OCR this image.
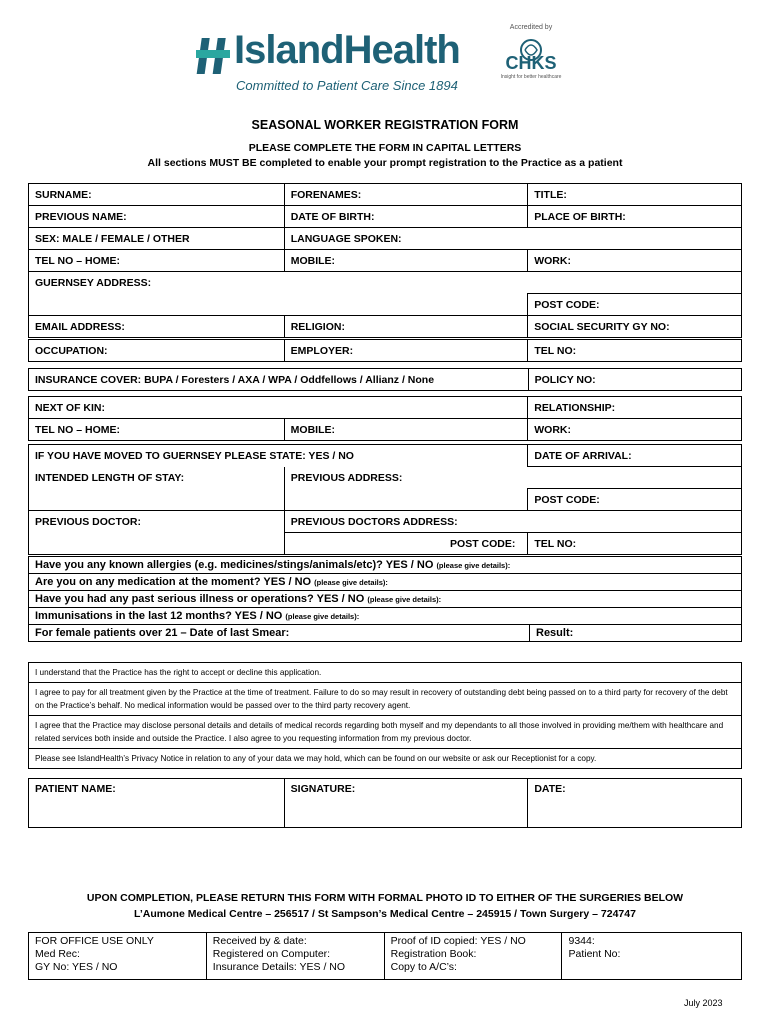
IslandHealth
Committed to Patient Care Since 1894
Accredited by
CHKS
Insight for better healthcare
SEASONAL WORKER REGISTRATION FORM
PLEASE COMPLETE THE FORM IN CAPITAL LETTERS
All sections MUST BE completed to enable your prompt registration to the Practice as a patient
SURNAME:	FORENAMES:	TITLE:
PREVIOUS NAME:	DATE OF BIRTH:	PLACE OF BIRTH:
SEX: MALE / FEMALE / OTHER	LANGUAGE SPOKEN:	
TEL NO – HOME:	MOBILE:	WORK:
GUERNSEY ADDRESS:		
		POST CODE:
EMAIL ADDRESS:	RELIGION:	SOCIAL SECURITY GY NO:
OCCUPATION:	EMPLOYER:	TEL NO:
INSURANCE COVER: BUPA / Foresters / AXA / WPA / Oddfellows / Allianz / None	POLICY NO:
NEXT OF KIN:		RELATIONSHIP:
TEL NO – HOME:	MOBILE:	WORK:
IF YOU HAVE MOVED TO GUERNSEY PLEASE STATE: YES / NO		DATE OF ARRIVAL:
INTENDED LENGTH OF STAY:	PREVIOUS ADDRESS:	
		POST CODE:
PREVIOUS DOCTOR:	PREVIOUS DOCTORS ADDRESS:	
	POST CODE:	TEL NO:
Have you any known allergies (e.g. medicines/stings/animals/etc)? YES / NO (please give details):
Are you on any medication at the moment? YES / NO (please give details):
Have you had any past serious illness or operations? YES / NO (please give details):
Immunisations in the last 12 months? YES / NO (please give details):
For female patients over 21 – Date of last Smear:	Result:
I understand that the Practice has the right to accept or decline this application.
I agree to pay for all treatment given by the Practice at the time of treatment. Failure to do so may result in recovery of outstanding debt being passed on to a third party for recovery of the debt on the Practice’s behalf. No medical information would be passed over to the third party recovery agent.
I agree that the Practice may disclose personal details and details of medical records regarding both myself and my dependants to all those involved in providing me/them with healthcare and related services both inside and outside the Practice. I also agree to you requesting information from my previous doctor.
Please see IslandHealth’s Privacy Notice in relation to any of your data we may hold, which can be found on our website or ask our Receptionist for a copy.
PATIENT NAME:	SIGNATURE:	DATE:
UPON COMPLETION, PLEASE RETURN THIS FORM WITH FORMAL PHOTO ID TO EITHER OF THE SURGERIES BELOW
L’Aumone Medical Centre – 256517 / St Sampson’s Medical Centre – 245915 / Town Surgery – 724747
FOR OFFICE USE ONLY
Med Rec:
GY No: YES / NO

Received by & date:
Registered on Computer:
Insurance Details: YES / NO

Proof of ID copied: YES / NO
Registration Book:
Copy to A/C’s:

9344:
Patient No:
July 2023
